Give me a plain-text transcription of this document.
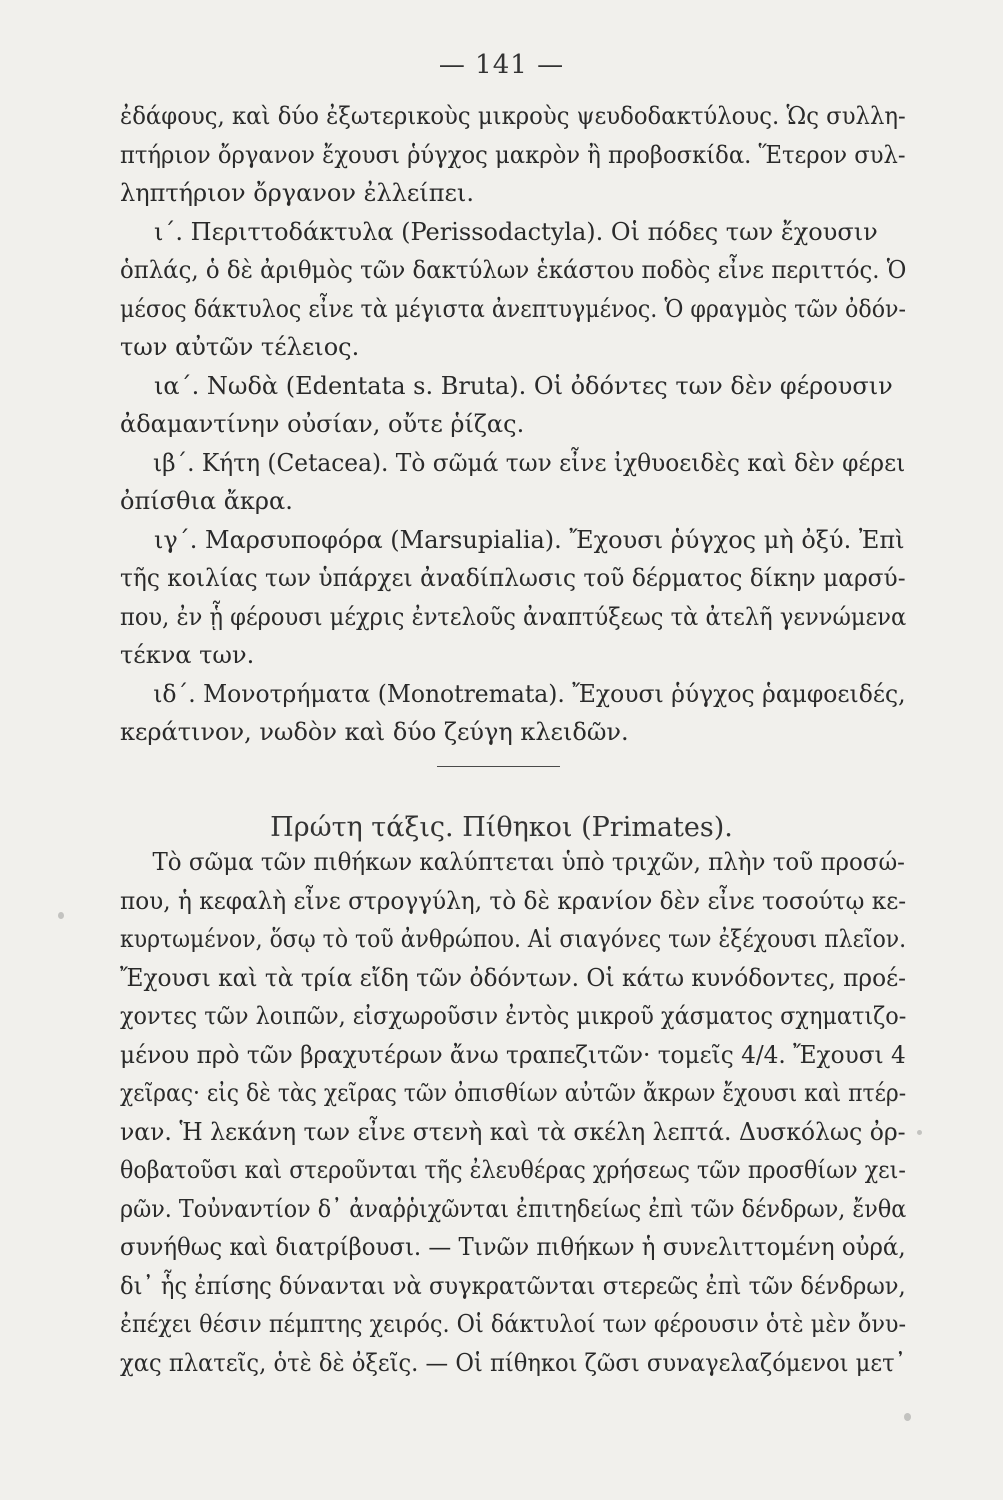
— 141 —
ἐδάφους, καὶ δύο ἐξωτερικοὺς μικροὺς ψευδοδακτύλους. Ὡς συλλη-
πτήριον ὄργανον ἔχουσι ῥύγχος μακρὸν ἢ προβοσκίδα. Ἕτερον συλ-
ληπτήριον ὄργανον ἐλλείπει.
ι΄. Περιττοδάκτυλα (Perissodactyla). Οἱ πόδες των ἔχουσιν
ὁπλάς, ὁ δὲ ἀριθμὸς τῶν δακτύλων ἑκάστου ποδὸς εἶνε περιττός. Ὁ
μέσος δάκτυλος εἶνε τὰ μέγιστα ἀνεπτυγμένος. Ὁ φραγμὸς τῶν ὀδόν-
των αὐτῶν τέλειος.
ια΄. Νωδὰ (Edentata s. Bruta). Οἱ ὀδόντες των δὲν φέρουσιν
ἀδαμαντίνην οὐσίαν, οὔτε ῥίζας.
ιβ΄. Κήτη (Cetacea). Τὸ σῶμά των εἶνε ἰχθυοειδὲς καὶ δὲν φέρει
ὀπίσθια ἄκρα.
ιγ΄. Μαρσυποφόρα (Marsupialia). Ἔχουσι ῥύγχος μὴ ὀξύ. Ἐπὶ
τῆς κοιλίας των ὑπάρχει ἀναδίπλωσις τοῦ δέρματος δίκην μαρσύ-
που, ἐν ᾗ φέρουσι μέχρις ἐντελοῦς ἀναπτύξεως τὰ ἀτελῆ γεννώμενα
τέκνα των.
ιδ΄. Μονοτρήματα (Monotremata). Ἔχουσι ῥύγχος ῥαμφοειδές,
κεράτινον, νωδὸν καὶ δύο ζεύγη κλειδῶν.
Πρώτη τάξις. Πίθηκοι (Primates).
Τὸ σῶμα τῶν πιθήκων καλύπτεται ὑπὸ τριχῶν, πλὴν τοῦ προσώ-
που, ἡ κεφαλὴ εἶνε στρογγύλη, τὸ δὲ κρανίον δὲν εἶνε τοσούτῳ κε-
κυρτωμένον, ὅσῳ τὸ τοῦ ἀνθρώπου. Αἱ σιαγόνες των ἐξέχουσι πλεῖον.
Ἔχουσι καὶ τὰ τρία εἴδη τῶν ὀδόντων. Οἱ κάτω κυνόδοντες, προέ-
χοντες τῶν λοιπῶν, εἰσχωροῦσιν ἐντὸς μικροῦ χάσματος σχηματιζο-
μένου πρὸ τῶν βραχυτέρων ἄνω τραπεζιτῶν· τομεῖς 4/4. Ἔχουσι 4
χεῖρας· εἰς δὲ τὰς χεῖρας τῶν ὀπισθίων αὐτῶν ἄκρων ἔχουσι καὶ πτέρ-
ναν. Ἡ λεκάνη των εἶνε στενὴ καὶ τὰ σκέλη λεπτά. Δυσκόλως ὀρ-
θοβατοῦσι καὶ στεροῦνται τῆς ἐλευθέρας χρήσεως τῶν προσθίων χει-
ρῶν. Τοὐναντίον δ᾽ ἀναῤῥιχῶνται ἐπιτηδείως ἐπὶ τῶν δένδρων, ἔνθα
συνήθως καὶ διατρίβουσι. — Τινῶν πιθήκων ἡ συνελιττομένη οὐρά,
δι᾽ ἧς ἐπίσης δύνανται νὰ συγκρατῶνται στερεῶς ἐπὶ τῶν δένδρων,
ἐπέχει θέσιν πέμπτης χειρός. Οἱ δάκτυλοί των φέρουσιν ὁτὲ μὲν ὄνυ-
χας πλατεῖς, ὁτὲ δὲ ὀξεῖς. — Οἱ πίθηκοι ζῶσι συναγελαζόμενοι μετ᾽
